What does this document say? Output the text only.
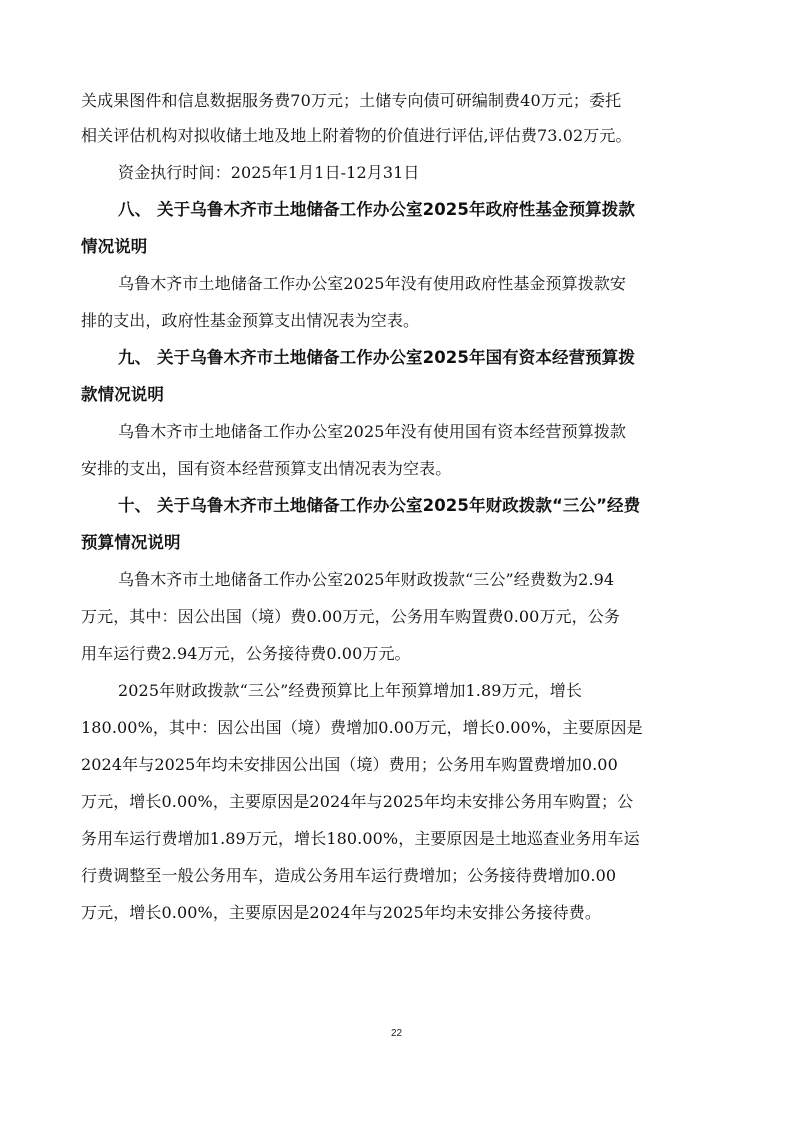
关成果图件和信息数据服务费70万元；土储专向债可研编制费40万元；委托
相关评估机构对拟收储土地及地上附着物的价值进行评估,评估费73.02万元。
资金执行时间：2025年1月1日-12月31日
八、 关于乌鲁木齐市土地储备工作办公室2025年政府性基金预算拨款
情况说明
乌鲁木齐市土地储备工作办公室2025年没有使用政府性基金预算拨款安
排的支出，政府性基金预算支出情况表为空表。
九、 关于乌鲁木齐市土地储备工作办公室2025年国有资本经营预算拨
款情况说明
乌鲁木齐市土地储备工作办公室2025年没有使用国有资本经营预算拨款
安排的支出，国有资本经营预算支出情况表为空表。
十、 关于乌鲁木齐市土地储备工作办公室2025年财政拨款“三公”经费
预算情况说明
乌鲁木齐市土地储备工作办公室2025年财政拨款“三公”经费数为2.94
万元，其中：因公出国（境）费0.00万元，公务用车购置费0.00万元，公务
用车运行费2.94万元，公务接待费0.00万元。
2025年财政拨款“三公”经费预算比上年预算增加1.89万元，增长
180.00%，其中：因公出国（境）费增加0.00万元，增长0.00%，主要原因是
2024年与2025年均未安排因公出国（境）费用；公务用车购置费增加0.00
万元，增长0.00%，主要原因是2024年与2025年均未安排公务用车购置；公
务用车运行费增加1.89万元，增长180.00%，主要原因是土地巡查业务用车运
行费调整至一般公务用车，造成公务用车运行费增加；公务接待费增加0.00
万元，增长0.00%，主要原因是2024年与2025年均未安排公务接待费。
22
